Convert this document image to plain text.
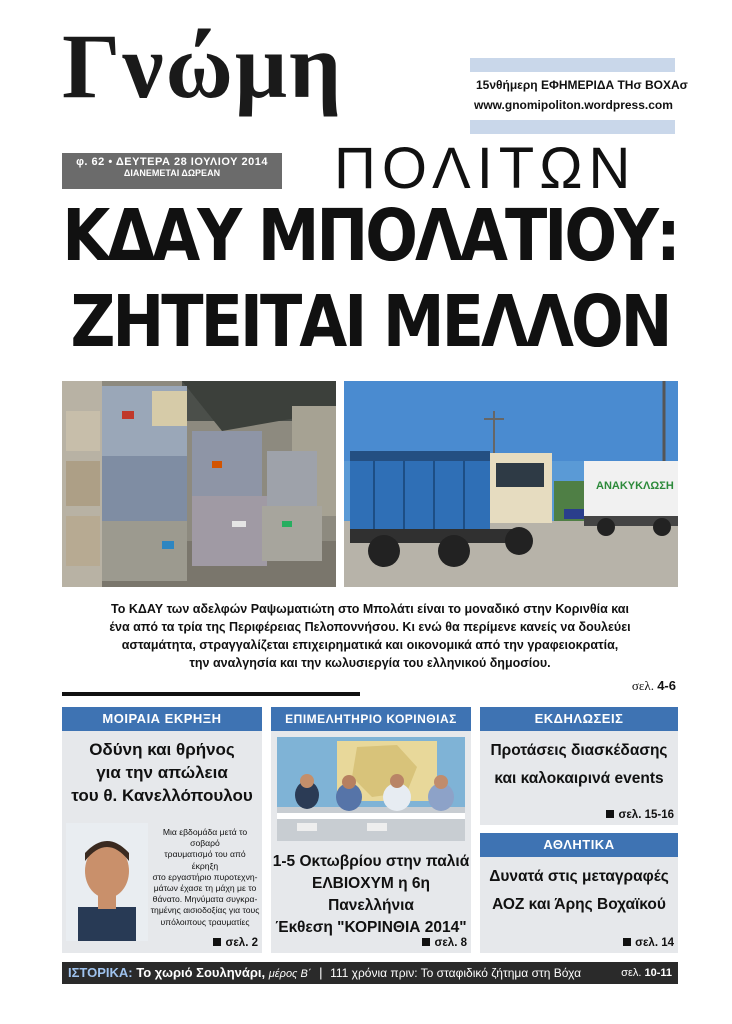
Γνώμη	15νθήμερη ΕΦΗΜΕΡΙΔΑ ΤΗσ ΒΟΧΑσ
www.gnomipoliton.wordpress.com
φ. 62 • ΔΕΥΤΕΡΑ 28 ΙΟΥΛΙΟΥ 2014
ΔΙΑΝΕΜΕΤΑΙ ΔΩΡΕΑΝ	ΠΟΛΙΤΩΝ
ΚΔΑΥ ΜΠΟΛΑΤΙΟΥ:
ΖΗΤΕΙΤΑΙ ΜΕΛΛΟΝ
ΑΝΑΚΥΚΛΩΣΗ
Το ΚΔΑΥ των αδελφών Ραψωματιώτη στο Μπολάτι είναι το μοναδικό στην Κορινθία και
ένα από τα τρία της Περιφέρειας Πελοποννήσου. Κι ενώ θα περίμενε κανείς να δουλεύει
ασταμάτητα, στραγγαλίζεται επιχειρηματικά και οικονομικά από την γραφειοκρατία,
την αναλγησία και την κωλυσιεργία του ελληνικού δημοσίου.
σελ. 4-6
ΜΟΙΡΑΙΑ ΕΚΡΗΞΗ
Οδύνη και θρήνος
για την απώλεια
του θ. Κανελλόπουλου
Μια εβδομάδα μετά το σοβαρό
τραυματισμό του από έκρηξη
στο εργαστήριο πυροτεχνη-
μάτων έχασε τη μάχη με το
θάνατο. Μηνύματα συγκρα-
τημένης αισιοδοξίας για τους
υπόλοιπους τραυματίες
σελ. 2
ΕΠΙΜΕΛΗΤΗΡΙΟ ΚΟΡΙΝΘΙΑΣ
1-5 Οκτωβρίου στην παλιά
ΕΛΒΙΟΧΥΜ η 6η Πανελλήνια
Έκθεση "ΚΟΡΙΝΘΙΑ 2014"
σελ. 8
ΕΚΔΗΛΩΣΕΙΣ
Προτάσεις διασκέδασης
και καλοκαιρινά events
σελ. 15-16
ΑΘΛΗΤΙΚΑ
Δυνατά στις μεταγραφές
ΑΟΖ και Άρης Βοχαϊκού
σελ. 14
ΙΣΤΟΡΙΚΑ: Το χωριό Σουληνάρι, μέρος Β΄ | 111 χρόνια πριν: Το σταφιδικό ζήτημα στη Βόχα	σελ. 10-11
